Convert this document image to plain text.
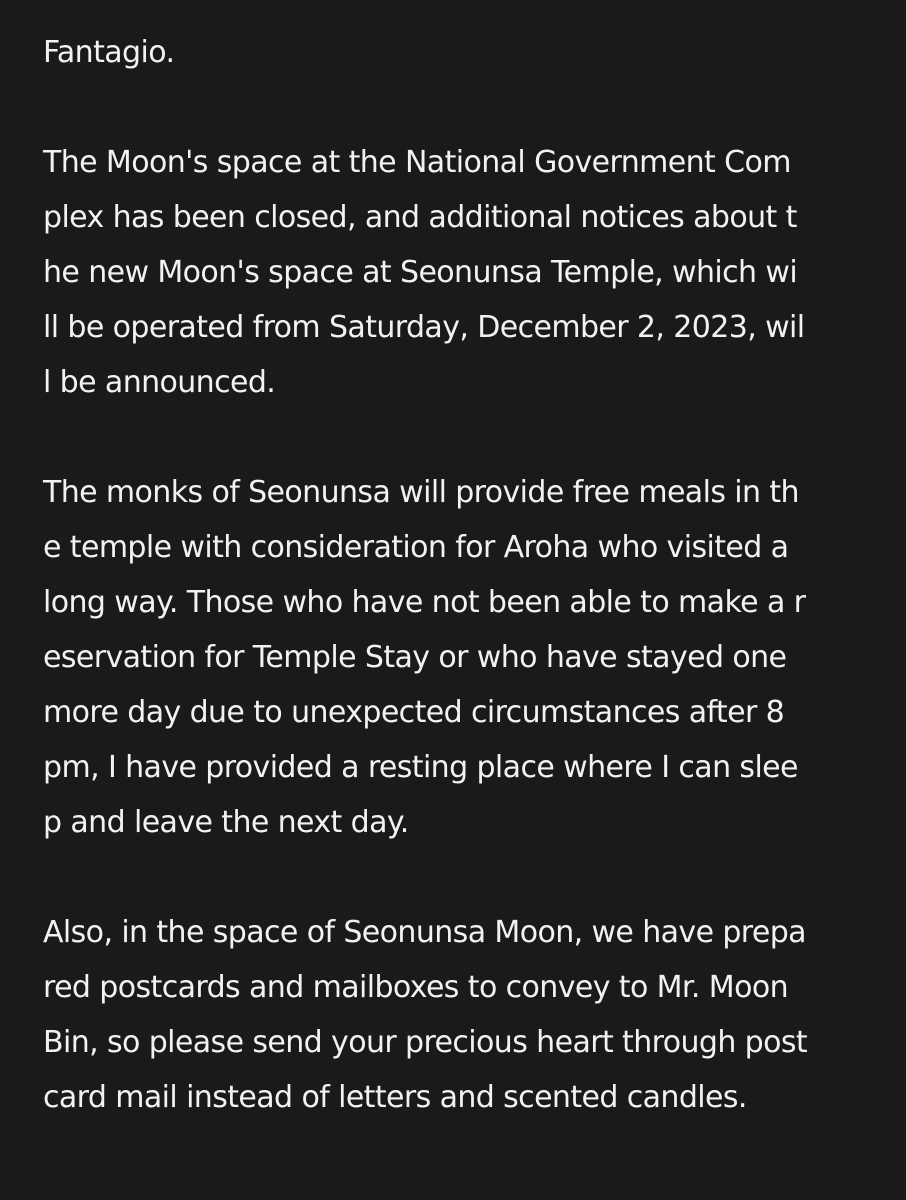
Fantagio.
The Moon's space at the National Government Com
plex has been closed, and additional notices about t
he new Moon's space at Seonunsa Temple, which wi
ll be operated from Saturday, December 2, 2023, wil
l be announced.
The monks of Seonunsa will provide free meals in th
e temple with consideration for Aroha who visited a
long way. Those who have not been able to make a r
eservation for Temple Stay or who have stayed one
more day due to unexpected circumstances after 8
pm, I have provided a resting place where I can slee
p and leave the next day.
Also, in the space of Seonunsa Moon, we have prepa
red postcards and mailboxes to convey to Mr. Moon
Bin, so please send your precious heart through post
card mail instead of letters and scented candles.
